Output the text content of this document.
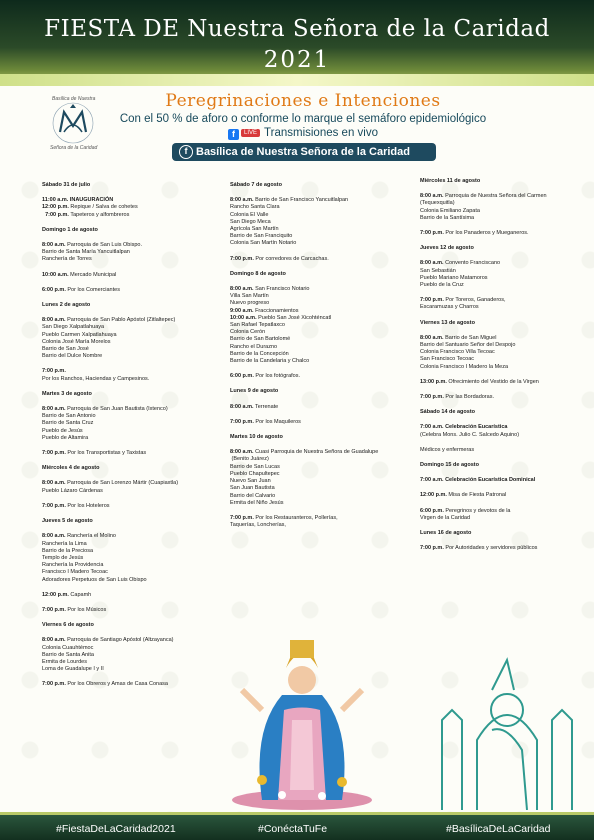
FIESTA DE Nuestra Señora de la Caridad
2021
Basílica de Nuestra
Señora de la Caridad
Peregrinaciones e Intenciones
Con el 50 % de aforo o conforme lo marque el semáforo epidemiológico
f LIVE Transmisiones en vivo
f Basílica de Nuestra Señora de la Caridad
Sábado 31 de julio
11:00 a.m. INAUGURACIÓN
12:00 p.m. Repique / Salva de cohetes
7:00 p.m. Tapeteros y alfombreros
Domingo 1 de agosto
8:00 a.m. Parroquia de San Luis Obispo.
Barrio de Santa María Yancuitlalpan
Ranchería de Torres
10:00 a.m. Mercado Municipal
6:00 p.m. Por los Comerciantes
Lunes 2 de agosto
8:00 a.m. Parroquia de San Pablo Apóstol (Zitlaltepec)
San Diego Xalpatlahuaya
Pueblo Carmen Xalpatlahuaya
Colonia José María Morelos
Barrio de San José
Barrio del Dulce Nombre
7:00 p.m.
Por los Ranchos, Haciendas y Campesinos.
Martes 3 de agosto
8:00 a.m. Parroquia de San Juan Bautista (Ixtenco)
Barrio de San Antonio
Barrio de Santa Cruz
Pueblo de Jesús
Pueblo de Altamira
7:00 p.m. Por los Transportistas y Taxistas
Miércoles 4 de agosto
8:00 a.m. Parroquia de San Lorenzo Mártir (Cuapiaxtla)
Pueblo Lázaro Cárdenas
7:00 p.m. Por los Hoteleros
Jueves 5 de agosto
8:00 a.m. Ranchería el Molino
Ranchería la Lima
Barrio de la Preciosa
Templo de Jesús
Ranchería la Providencia
Francisco I Madero Tecoac
Adoradores Perpetuos de San Luis Obispo
12:00 p.m. Capamh
7:00 p.m. Por los Músicos
Viernes 6 de agosto
8:00 a.m. Parroquia de Santiago Apóstol (Altzayanca)
Colonia Cuauhtémoc
Barrio de Santa Anita
Ermita de Lourdes
Loma de Guadalupe I y II
7:00 p.m. Por los Obreros y Amas de Casa Conasa
Sábado 7 de agosto
8:00 a.m. Barrio de San Francisco Yancuitlalpan
Rancho Santa Clara
Colonia El Valle
San Diego Meca
Agrícola San Martín
Barrio de San Franciquito
Colonia San Martín Notario
7:00 p.m. Por corredores de Carcachas.
Domingo 8 de agosto
8:00 a.m. San Francisco Notario
Villa San Martín
Nuevo progreso
9:00 a.m. Fraccionamientos
10:00 a.m. Pueblo San José Xicohténcatl
San Rafael Tepatlaxco
Colonia Cerón
Barrio de San Bartolomé
Rancho el Durazno
Barrio de la Concepción
Barrio de la Candelaria y Chalco
6:00 p.m. Por los fotógrafos.
Lunes 9 de agosto
8:00 a.m. Terrenate
7:00 p.m. Por los Maquileros
Martes 10 de agosto
8:00 a.m. Cuasi Parroquia de Nuestra Señora de Guadalupe
(Benito Juárez)
Barrio de San Lucas
Pueblo Chapultepec
Nuevo San Juan
San Juan Bautista
Barrio del Calvario
Ermita del Niño Jesús
7:00 p.m. Por los Restauranteros, Pollerías,
Taquerías, Loncherías,
Miércoles 11 de agosto
8:00 a.m. Parroquia de Nuestra Señora del Carmen
(Tequexquitla)
Colonia Emiliano Zapata
Barrio de la Santísima
7:00 p.m. Por los Panaderos y Mueganeros.
Jueves 12 de agosto
8:00 a.m. Convento Franciscano
San Sebastián
Pueblo Mariano Matamoros
Pueblo de la Cruz
7:00 p.m. Por Toreros, Ganaderos,
Escaramuzas y Charros
Viernes 13 de agosto
8:00 a.m. Barrio de San Miguel
Barrio del Santuario Señor del Despojo
Colonia Francisco Villa Tecoac
San Francisco Tecoac
Colonia Francisco I Madero la Meza
13:00 p.m. Ofrecimiento del Vestido de la Virgen
7:00 p.m. Por las Bordadoras.
Sábado 14 de agosto
7:00 a.m. Celebración Eucarística
(Celebra Mons. Julio C. Salcedo Aquino)
Médicos y enfermeras
Domingo 15 de agosto
7:00 a.m. Celebración Eucarística Dominical
12:00 p.m. Misa de Fiesta Patronal
6:00 p.m. Peregrinos y devotos de la
Virgen de la Caridad
Lunes 16 de agosto
7:00 p.m. Por Autoridades y servidores públicos
#FiestaDeLaCaridad2021	#ConéctaTuFe	#BasílicaDeLaCaridad
